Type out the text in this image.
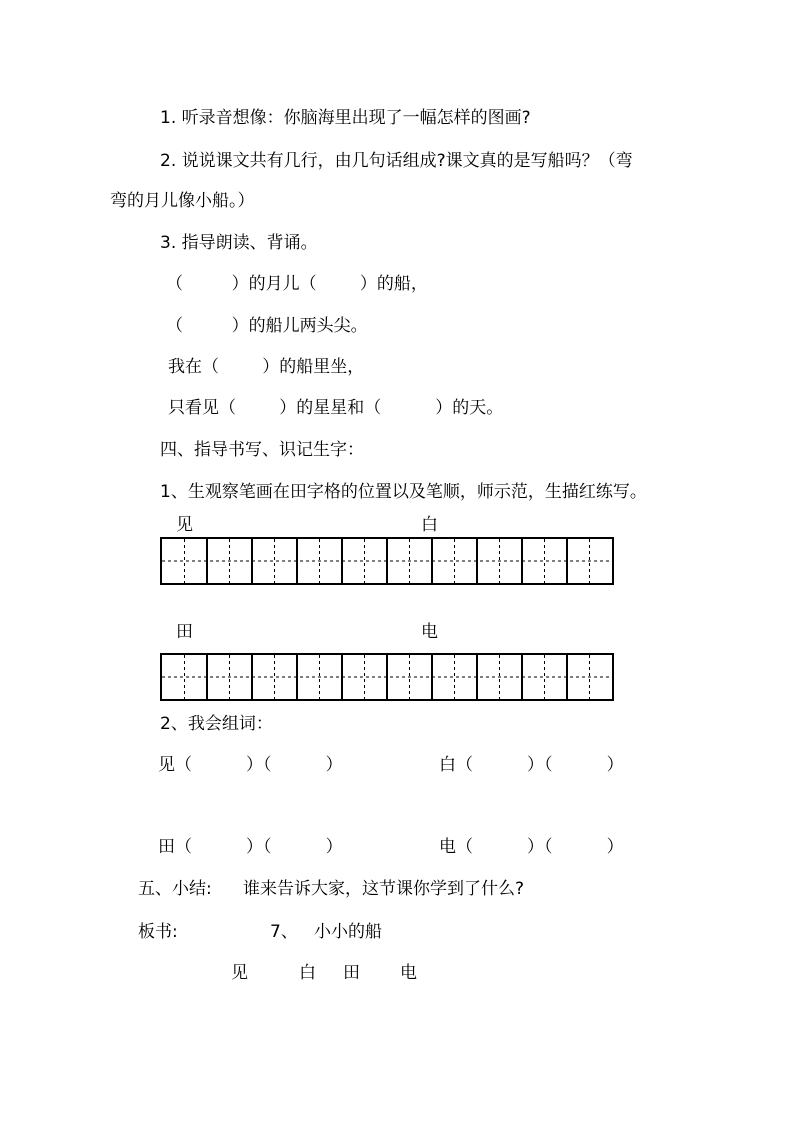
1. 听录音想像：你脑海里出现了一幅怎样的图画?
2. 说说课文共有几行，由几句话组成?课文真的是写船吗？（弯
弯的月儿像小船。）
3. 指导朗读、背诵。
（         ）的月儿（        ）的船，
（         ）的船儿两头尖。
我在（        ）的船里坐，
只看见（        ）的星星和（          ）的天。
四、指导书写、识记生字：
1、生观察笔画在田字格的位置以及笔顺，师示范，生描红练写。
见	白
田	电
2、我会组词：
见（          ）（          ）	白（          ）（          ）
田（          ）（          ）	电（          ）（          ）
五、小结: 谁来告诉大家，这节课你学到了什么?
板书:	7、   小小的船
见	白 田 电
